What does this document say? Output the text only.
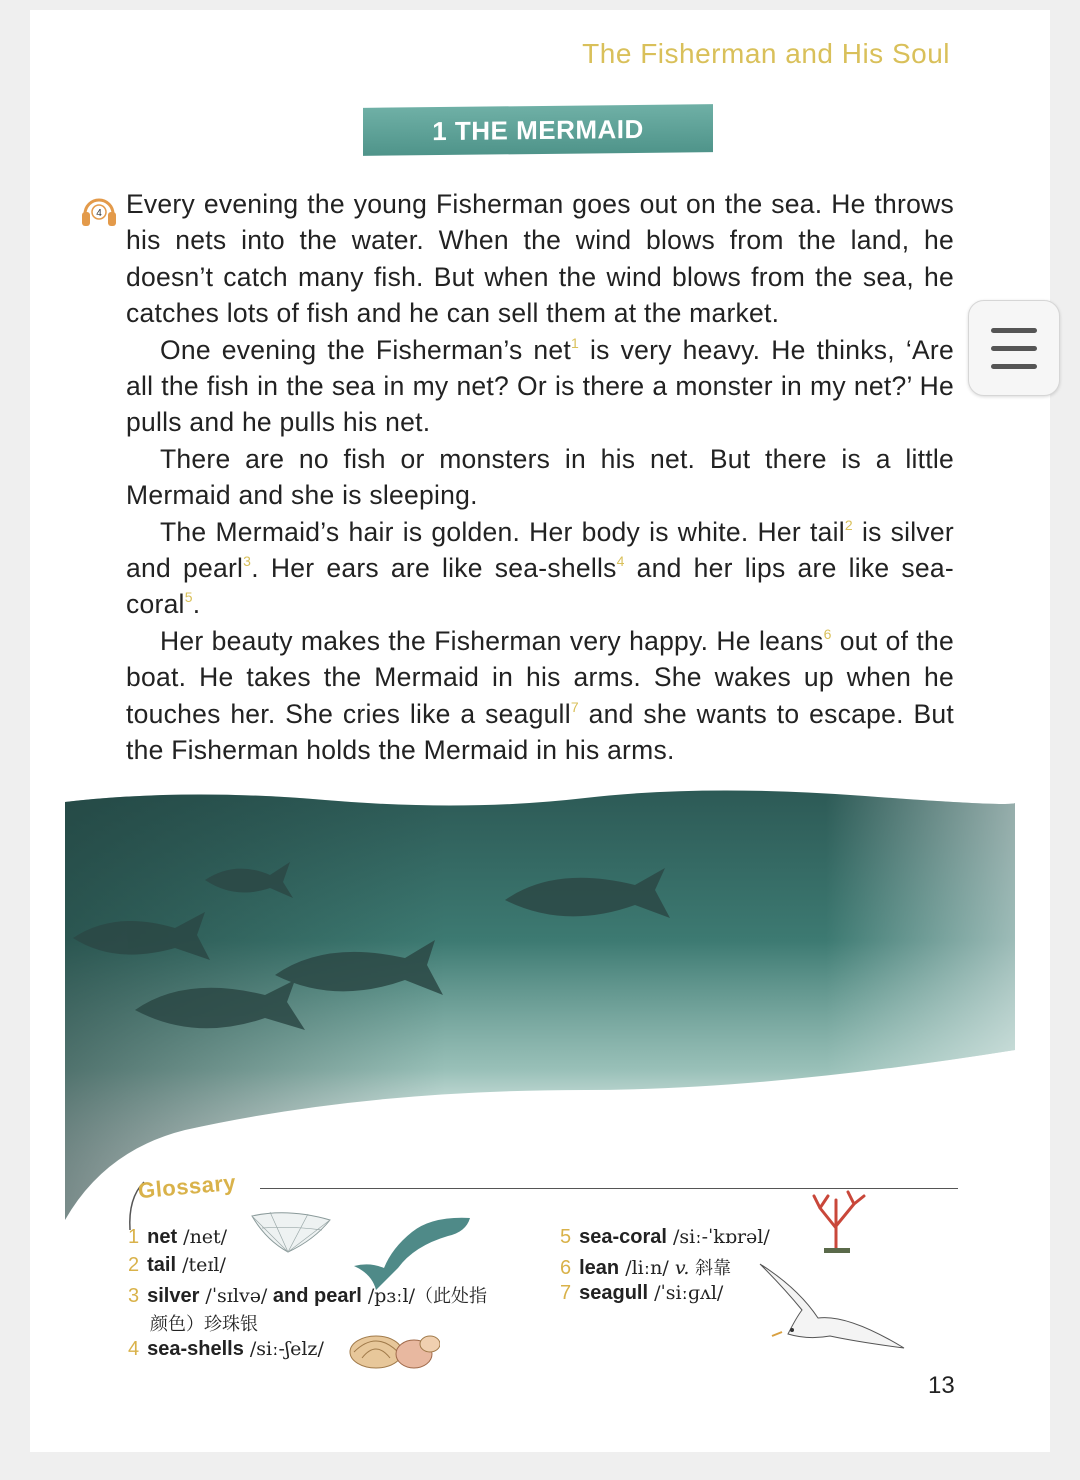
The Fisherman and His Soul
1 THE MERMAID
4 Every evening the young Fisherman goes out on the sea. He throws his nets into the water. When the wind blows from the land, he doesn’t catch many fish. But when the wind blows from the sea, he catches lots of fish and he can sell them at the market.

One evening the Fisherman’s net$^1$ is very heavy. He thinks, ‘Are all the fish in the sea in my net? Or is there a monster in my net?’ He pulls and he pulls his net.

There are no fish or monsters in his net. But there is a little Mermaid and she is sleeping.

The Mermaid’s hair is golden. Her body is white. Her tail$^2$ is silver and pearl$^3$. Her ears are like sea-shells$^4$ and her lips are like sea-coral$^5$.

Her beauty makes the Fisherman very happy. He leans$^6$ out of the boat. He takes the Mermaid in his arms. She wakes up when he touches her. She cries like a seagull$^7$ and she wants to escape. But the Fisherman holds the Mermaid in his arms.

Glossary
1 net /net/
2 tail /teɪl/
3 silver /ˈsɪlvə/ and pearl /pɜːl/（此处指
颜色）珍珠银
4 sea-shells /siː-ʃelz/
5 sea-coral /siː-ˈkɒrəl/
6 lean /liːn/ v. 斜靠
7 seagull /ˈsiːɡʌl/
13
